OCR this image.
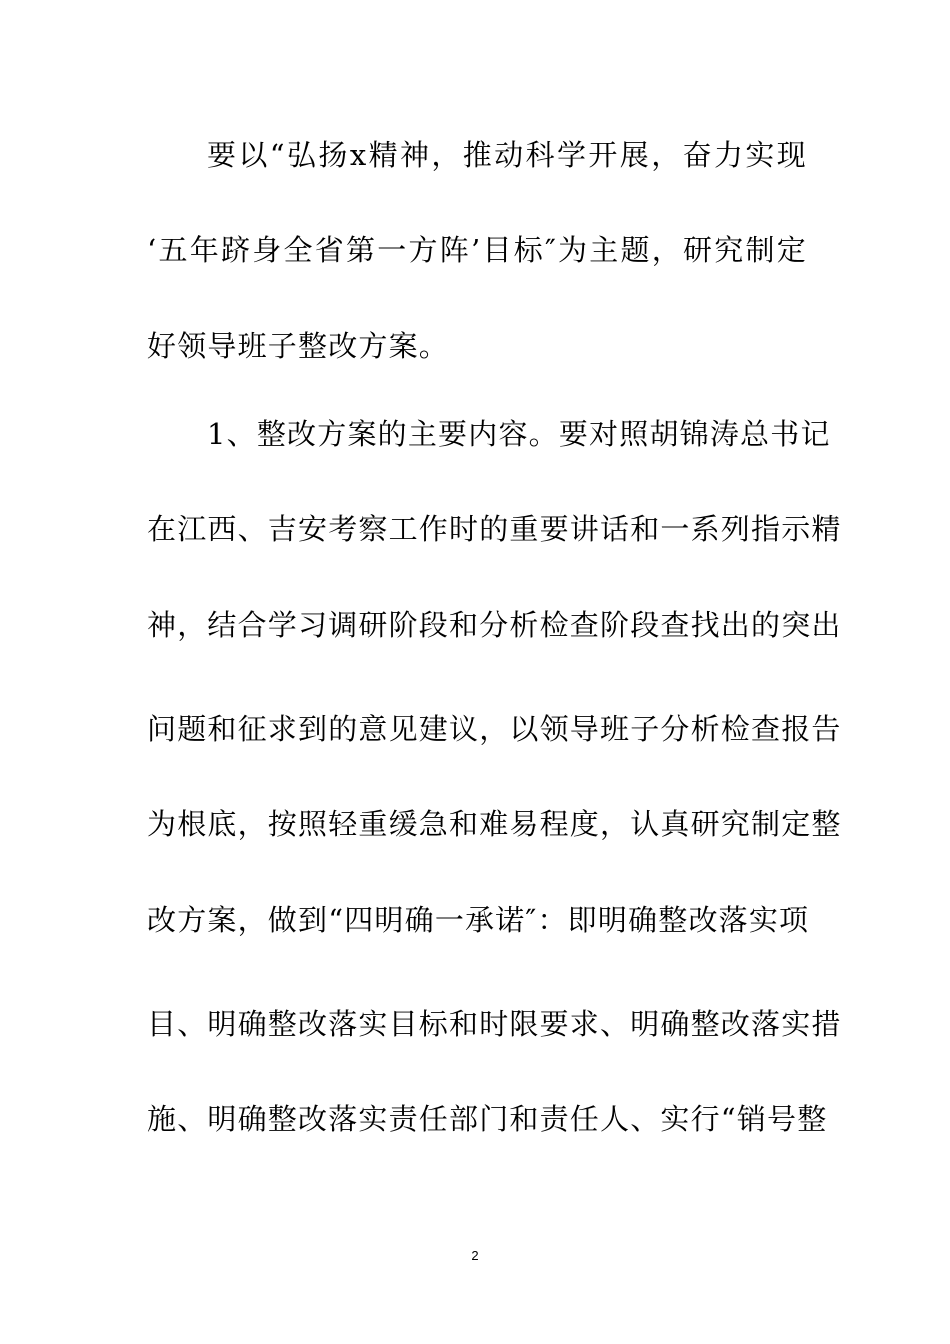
要以“弘扬x精神，推动科学开展，奋力实现
‘五年跻身全省第一方阵’目标″为主题，研究制定
好领导班子整改方案。
1、整改方案的主要内容。要对照胡锦涛总书记
在江西、吉安考察工作时的重要讲话和一系列指示精
神，结合学习调研阶段和分析检查阶段查找出的突出
问题和征求到的意见建议，以领导班子分析检查报告
为根底，按照轻重缓急和难易程度，认真研究制定整
改方案，做到“四明确一承诺″：即明确整改落实项
目、明确整改落实目标和时限要求、明确整改落实措
施、明确整改落实责任部门和责任人、实行“销号整
2
